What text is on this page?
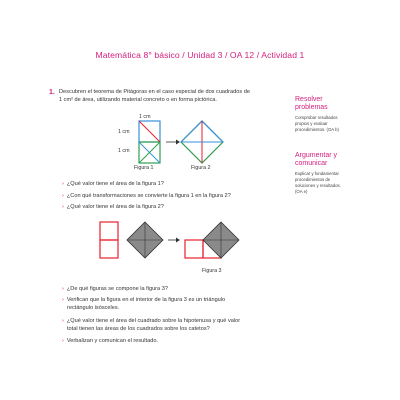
Matemática 8° básico / Unidad 3 / OA 12 / Actividad 1
1. Descubren el teorema de Pitágoras en el caso especial de dos cuadrados de
1 cm² de área, utilizando material concreto o en forma pictórica.	Resolver
problemas
Comprobar resultados
propios y evaluar
procedimientos. (OA b)
Argumentar y
comunicar
Explicar y fundamentar
procedimientos de
soluciones y resultados.
(OA e)
1 cm
1 cm
1 cm
Figura 1	Figura 2
› ¿Qué valor tiene el área de la figura 1?
› ¿Con qué transformaciones se convierte la figura 1 en la figura 2?
› ¿Qué valor tiene el área de la figura 2?
Figura 3
› ¿De qué figuras se compone la figura 3?
› Verifican que la figura en el interior de la figura 3 es un triángulo
rectángulo isósceles.
› ¿Qué valor tiene el área del cuadrado sobre la hipotenusa y qué valor
total tienen las áreas de los cuadrados sobre los catetos?
› Verbalizan y comunican el resultado.
